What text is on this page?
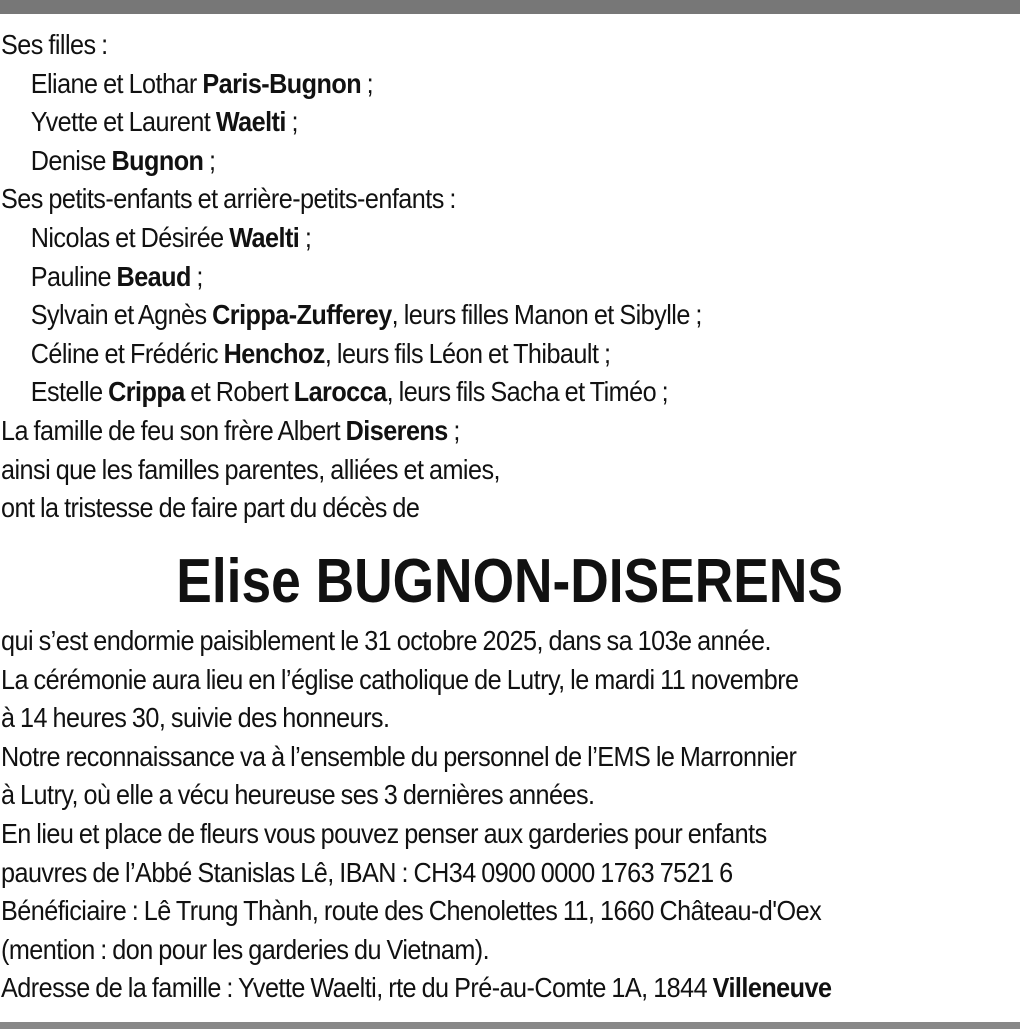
Ses filles :
Eliane et Lothar Paris-Bugnon ;
Yvette et Laurent Waelti ;
Denise Bugnon ;
Ses petits-enfants et arrière-petits-enfants :
Nicolas et Désirée Waelti ;
Pauline Beaud ;
Sylvain et Agnès Crippa-Zufferey, leurs filles Manon et Sibylle ;
Céline et Frédéric Henchoz, leurs fils Léon et Thibault ;
Estelle Crippa et Robert Larocca, leurs fils Sacha et Timéo ;
La famille de feu son frère Albert Diserens ;
ainsi que les familles parentes, alliées et amies,
ont la tristesse de faire part du décès de
Elise BUGNON-DISERENS
qui s’est endormie paisiblement le 31 octobre 2025, dans sa 103e année.
La cérémonie aura lieu en l’église catholique de Lutry, le mardi 11 novembre
à 14 heures 30, suivie des honneurs.
Notre reconnaissance va à l’ensemble du personnel de l’EMS le Marronnier
à Lutry, où elle a vécu heureuse ses 3 dernières années.
En lieu et place de fleurs vous pouvez penser aux garderies pour enfants
pauvres de l’Abbé Stanislas Lê, IBAN : CH34 0900 0000 1763 7521 6
Bénéficiaire : Lê Trung Thành, route des Chenolettes 11, 1660 Château-d'Oex
(mention : don pour les garderies du Vietnam).
Adresse de la famille : Yvette Waelti, rte du Pré-au-Comte 1A, 1844 Villeneuve
